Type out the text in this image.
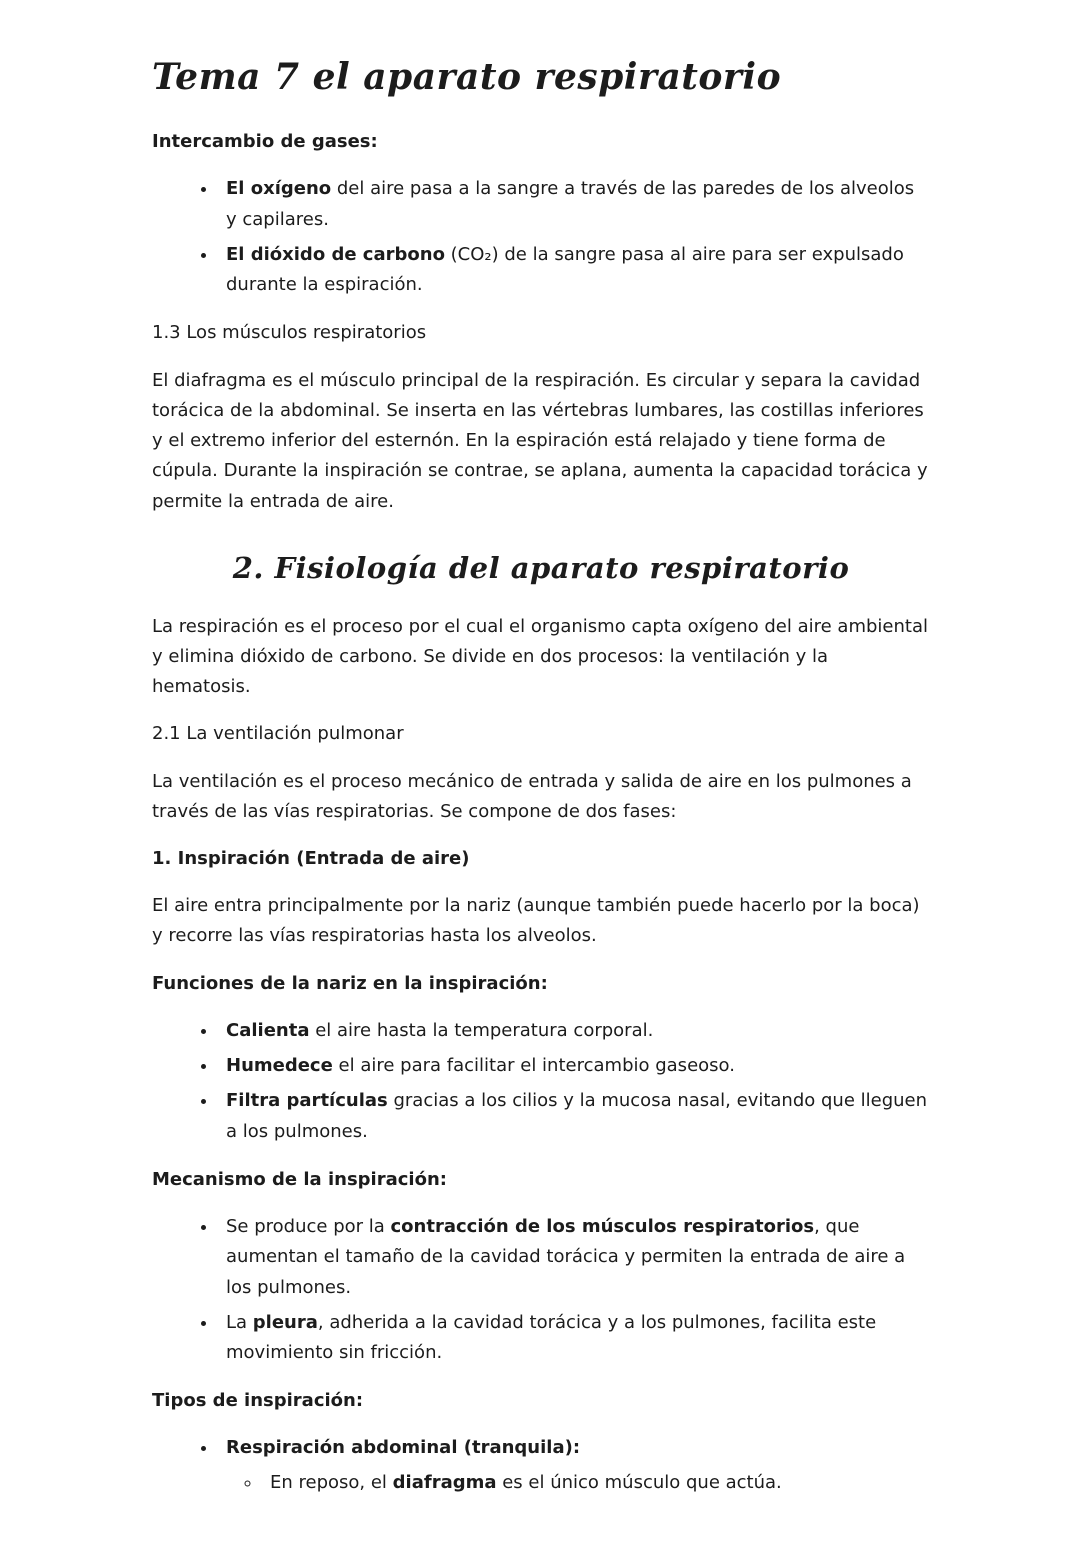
Tema 7 el aparato respiratorio

Intercambio de gases:

• El oxígeno del aire pasa a la sangre a través de las paredes de los alveolos y capilares.
• El dióxido de carbono (CO₂) de la sangre pasa al aire para ser expulsado durante la espiración.

1.3 Los músculos respiratorios

El diafragma es el músculo principal de la respiración. Es circular y separa la cavidad torácica de la abdominal. Se inserta en las vértebras lumbares, las costillas inferiores y el extremo inferior del esternón. En la espiración está relajado y tiene forma de cúpula. Durante la inspiración se contrae, se aplana, aumenta la capacidad torácica y permite la entrada de aire.

2. Fisiología del aparato respiratorio

La respiración es el proceso por el cual el organismo capta oxígeno del aire ambiental y elimina dióxido de carbono. Se divide en dos procesos: la ventilación y la hematosis.

2.1 La ventilación pulmonar

La ventilación es el proceso mecánico de entrada y salida de aire en los pulmones a través de las vías respiratorias. Se compone de dos fases:

1. Inspiración (Entrada de aire)

El aire entra principalmente por la nariz (aunque también puede hacerlo por la boca) y recorre las vías respiratorias hasta los alveolos.

Funciones de la nariz en la inspiración:

• Calienta el aire hasta la temperatura corporal.
• Humedece el aire para facilitar el intercambio gaseoso.
• Filtra partículas gracias a los cilios y la mucosa nasal, evitando que lleguen a los pulmones.

Mecanismo de la inspiración:

• Se produce por la contracción de los músculos respiratorios, que aumentan el tamaño de la cavidad torácica y permiten la entrada de aire a los pulmones.
• La pleura, adherida a la cavidad torácica y a los pulmones, facilita este movimiento sin fricción.

Tipos de inspiración:

• Respiración abdominal (tranquila):
◦ En reposo, el diafragma es el único músculo que actúa.
